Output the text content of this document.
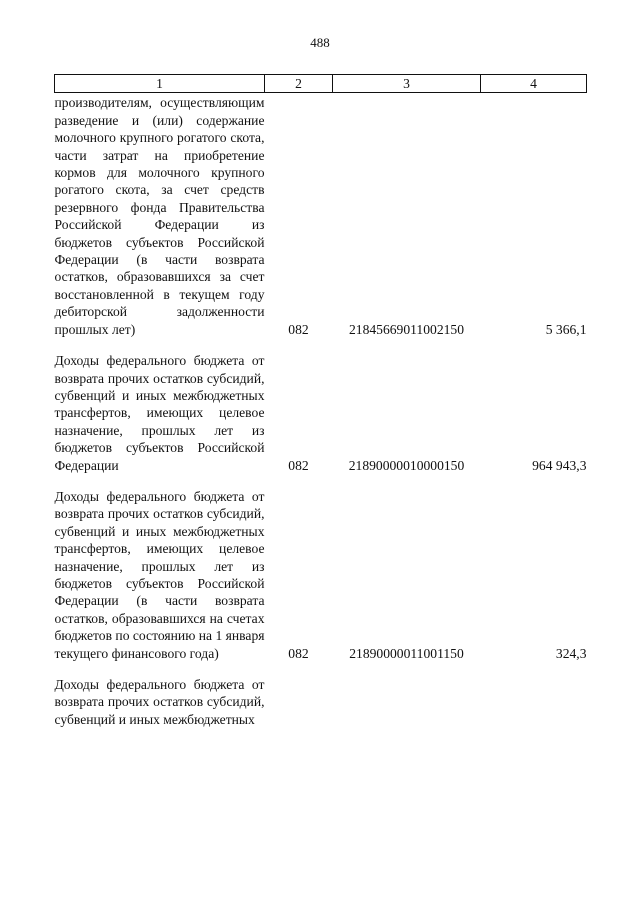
488
1	2	3	4
производителям, осуществляющим разведение и (или) содержание молочного крупного рогатого скота, части затрат на приобретение кормов для молочного крупного рогатого скота, за счет средств резервного фонда Правительства Российской Федерации из бюджетов субъектов Российской Федерации (в части возврата остатков, образовавшихся за счет восстановленной в текущем году дебиторской задолженности прошлых лет)	082	21845669011002150	5 366,1

Доходы федерального бюджета от возврата прочих остатков субсидий, субвенций и иных межбюджетных трансфертов, имеющих целевое назначение, прошлых лет из бюджетов субъектов Российской Федерации	082	21890000010000150	964 943,3

Доходы федерального бюджета от возврата прочих остатков субсидий, субвенций и иных межбюджетных трансфертов, имеющих целевое назначение, прошлых лет из бюджетов субъектов Российской Федерации (в части возврата остатков, образовавшихся на счетах бюджетов по состоянию на 1 января текущего финансового года)	082	21890000011001150	324,3

Доходы федерального бюджета от возврата прочих остатков субсидий, субвенций и иных межбюджетных			
